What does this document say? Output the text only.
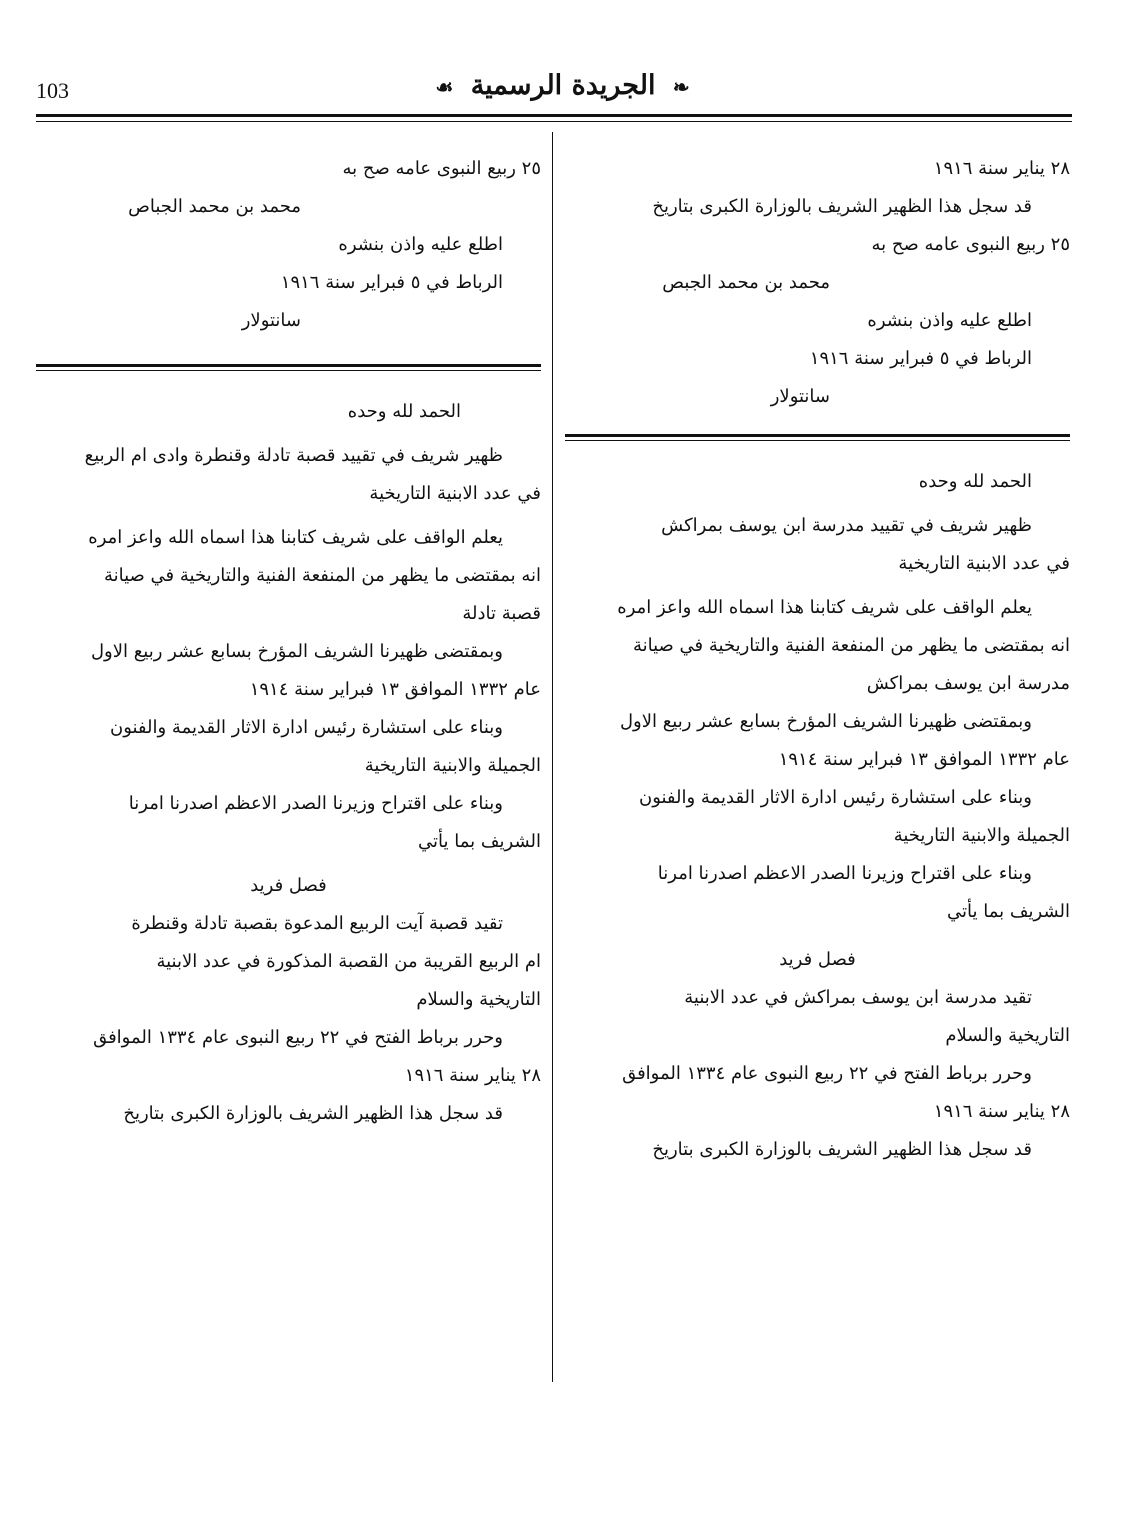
103	☙ الجريدة الرسمية ❧
٢٨ يناير سنة ١٩١٦
قد سجل هذا الظهير الشريف بالوزارة الكبرى بتاريخ
٢٥ ربيع النبوى عامه صح به
محمد بن محمد الجبص
اطلع عليه واذن بنشره
الرباط في ٥ فبراير سنة ١٩١٦
سانتولار
الحمد لله وحده
ظهير شريف في تقييد مدرسة ابن يوسف بمراكش
في عدد الابنية التاريخية
يعلم الواقف على شريف كتابنا هذا اسماه الله واعز امره
انه بمقتضى ما يظهر من المنفعة الفنية والتاريخية في صيانة
مدرسة ابن يوسف بمراكش
وبمقتضى ظهيرنا الشريف المؤرخ بسابع عشر ربيع الاول
عام ١٣٣٢ الموافق ١٣ فبراير سنة ١٩١٤
وبناء على استشارة رئيس ادارة الاثار القديمة والفنون
الجميلة والابنية التاريخية
وبناء على اقتراح وزيرنا الصدر الاعظم اصدرنا امرنا
الشريف بما يأتي
فصل فريد
تقيد مدرسة ابن يوسف بمراكش في عدد الابنية
التاريخية والسلام
وحرر برباط الفتح في ٢٢ ربيع النبوى عام ١٣٣٤ الموافق
٢٨ يناير سنة ١٩١٦
قد سجل هذا الظهير الشريف بالوزارة الكبرى بتاريخ
٢٥ ربيع النبوى عامه صح به
محمد بن محمد الجباص
اطلع عليه واذن بنشره
الرباط في ٥ فبراير سنة ١٩١٦
سانتولار
الحمد لله وحده
ظهير شريف في تقييد قصبة تادلة وقنطرة وادى ام الربيع
في عدد الابنية التاريخية
يعلم الواقف على شريف كتابنا هذا اسماه الله واعز امره
انه بمقتضى ما يظهر من المنفعة الفنية والتاريخية في صيانة
قصبة تادلة
وبمقتضى ظهيرنا الشريف المؤرخ بسابع عشر ربيع الاول
عام ١٣٣٢ الموافق ١٣ فبراير سنة ١٩١٤
وبناء على استشارة رئيس ادارة الاثار القديمة والفنون
الجميلة والابنية التاريخية
وبناء على اقتراح وزيرنا الصدر الاعظم اصدرنا امرنا
الشريف بما يأتي
فصل فريد
تقيد قصبة آيت الربيع المدعوة بقصبة تادلة وقنطرة
ام الربيع القريبة من القصبة المذكورة في عدد الابنية
التاريخية والسلام
وحرر برباط الفتح في ٢٢ ربيع النبوى عام ١٣٣٤ الموافق
٢٨ يناير سنة ١٩١٦
قد سجل هذا الظهير الشريف بالوزارة الكبرى بتاريخ
